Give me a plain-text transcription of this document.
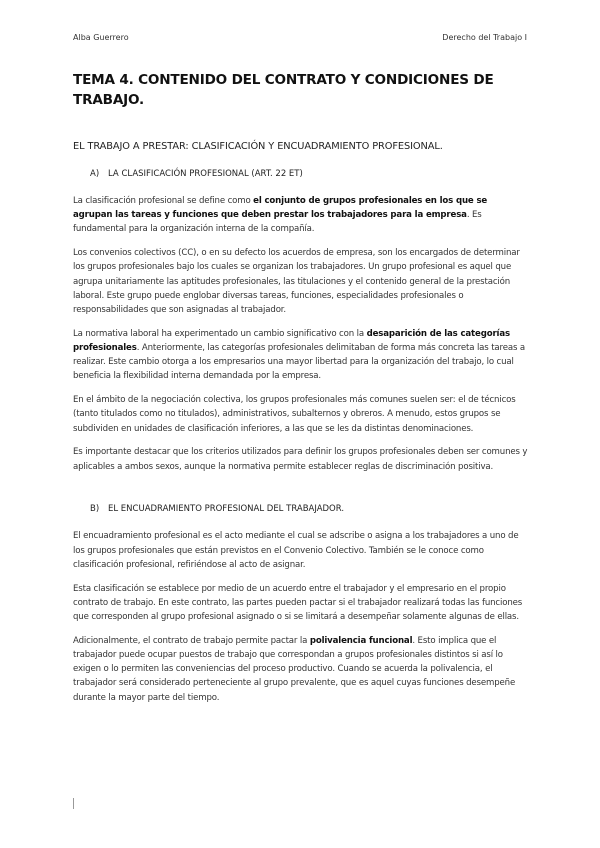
Alba Guerrero	Derecho del Trabajo I
TEMA 4. CONTENIDO DEL CONTRATO Y CONDICIONES DE TRABAJO.
EL TRABAJO A PRESTAR: CLASIFICACIÓN Y ENCUADRAMIENTO PROFESIONAL.
A) LA CLASIFICACIÓN PROFESIONAL (ART. 22 ET)

La clasificación profesional se define como el conjunto de grupos profesionales en los que se agrupan las tareas y funciones que deben prestar los trabajadores para la empresa. Es fundamental para la organización interna de la compañía.

Los convenios colectivos (CC), o en su defecto los acuerdos de empresa, son los encargados de determinar los grupos profesionales bajo los cuales se organizan los trabajadores. Un grupo profesional es aquel que agrupa unitariamente las aptitudes profesionales, las titulaciones y el contenido general de la prestación laboral. Este grupo puede englobar diversas tareas, funciones, especialidades profesionales o responsabilidades que son asignadas al trabajador.

La normativa laboral ha experimentado un cambio significativo con la desaparición de las categorías profesionales. Anteriormente, las categorías profesionales delimitaban de forma más concreta las tareas a realizar. Este cambio otorga a los empresarios una mayor libertad para la organización del trabajo, lo cual beneficia la flexibilidad interna demandada por la empresa.

En el ámbito de la negociación colectiva, los grupos profesionales más comunes suelen ser: el de técnicos (tanto titulados como no titulados), administrativos, subalternos y obreros. A menudo, estos grupos se subdividen en unidades de clasificación inferiores, a las que se les da distintas denominaciones.

Es importante destacar que los criterios utilizados para definir los grupos profesionales deben ser comunes y aplicables a ambos sexos, aunque la normativa permite establecer reglas de discriminación positiva.

B) EL ENCUADRAMIENTO PROFESIONAL DEL TRABAJADOR.

El encuadramiento profesional es el acto mediante el cual se adscribe o asigna a los trabajadores a uno de los grupos profesionales que están previstos en el Convenio Colectivo. También se le conoce como clasificación profesional, refiriéndose al acto de asignar.

Esta clasificación se establece por medio de un acuerdo entre el trabajador y el empresario en el propio contrato de trabajo. En este contrato, las partes pueden pactar si el trabajador realizará todas las funciones que corresponden al grupo profesional asignado o si se limitará a desempeñar solamente algunas de ellas.

Adicionalmente, el contrato de trabajo permite pactar la polivalencia funcional. Esto implica que el trabajador puede ocupar puestos de trabajo que correspondan a grupos profesionales distintos si así lo exigen o lo permiten las conveniencias del proceso productivo. Cuando se acuerda la polivalencia, el trabajador será considerado perteneciente al grupo prevalente, que es aquel cuyas funciones desempeñe durante la mayor parte del tiempo.
